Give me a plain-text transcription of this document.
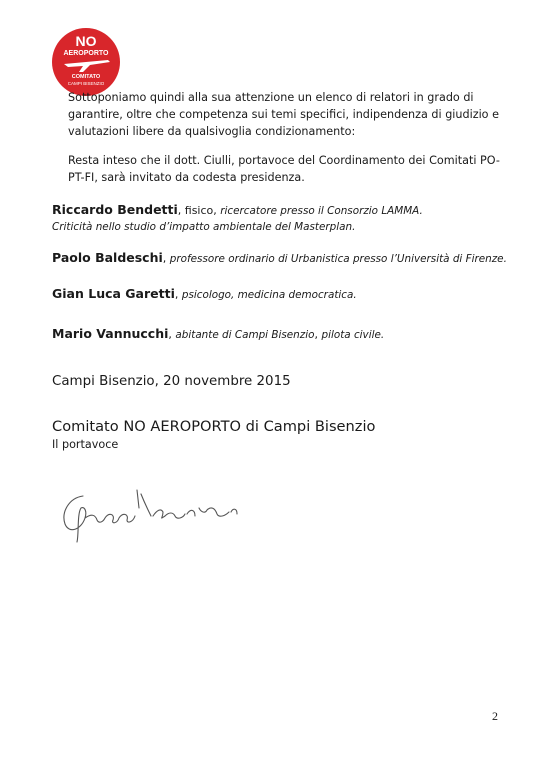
NO
AEROPORTO
COMITATO
CAMPI BISENZIO
Sottoponiamo quindi alla sua attenzione un elenco di relatori in grado di garantire, oltre che competenza sui temi specifici, indipendenza di giudizio e valutazioni libere da qualsivoglia condizionamento:
Resta inteso che il dott. Ciulli, portavoce del Coordinamento dei Comitati PO-PT-FI, sarà invitato da codesta presidenza.
Riccardo Bendetti, fisico, ricercatore presso il Consorzio LAMMA.
Criticità nello studio d’impatto ambientale del Masterplan.
Paolo Baldeschi, professore ordinario di Urbanistica presso l’Università di Firenze.
Gian Luca Garetti, psicologo, medicina democratica.
Mario Vannucchi, abitante di Campi Bisenzio, pilota civile.
Campi Bisenzio, 20 novembre 2015
Comitato NO AEROPORTO di Campi Bisenzio
Il portavoce
2
